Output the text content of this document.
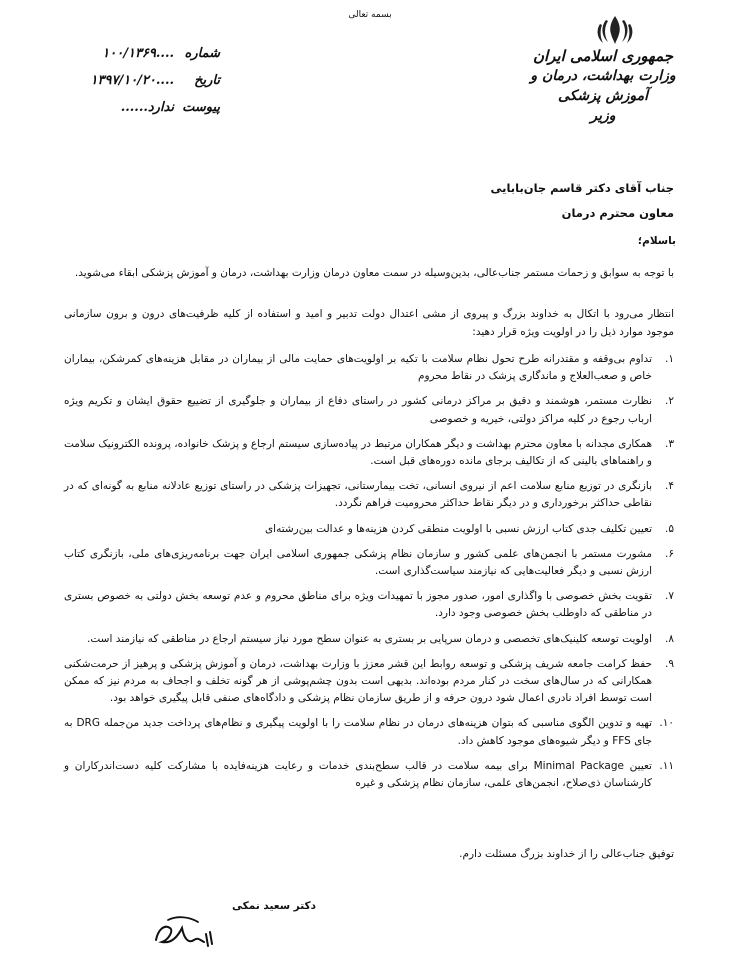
بسمه تعالی
جمهوری اسلامی ایران
وزارت بهداشت، درمان و آموزش پزشکی
وزیر
شماره
۱۰۰/۱۳۶۹....
تاریخ
۱۳۹۷/۱۰/۲۰....
پیوست
ندارد......
جناب آقای دکتر قاسم جان‌بابایی
معاون محترم درمان
باسلام؛
با توجه به سوابق و زحمات مستمر جناب‌عالی، بدین‌وسیله در سمت معاون درمان وزارت بهداشت، درمان و آموزش پزشکی ابقاء می‌شوید.
انتظار می‌رود با اتکال به خداوند بزرگ و پیروی از مشی اعتدال دولت تدبیر و امید و استفاده از کلیه ظرفیت‌های درون و برون سازمانی موجود موارد ذیل را در اولویت ویژه قرار دهید:
۱.
تداوم بی‌وقفه و مقتدرانه طرح تحول نظام سلامت با تکیه بر اولویت‌های حمایت مالی از بیماران در مقابل هزینه‌های کمرشکن، بیماران خاص و صعب‌العلاج و ماندگاری پزشک در نقاط محروم
۲.
نظارت مستمر، هوشمند و دقیق بر مراکز درمانی کشور در راستای دفاع از بیماران و جلوگیری از تضییع حقوق ایشان و تکریم ویژه ارباب رجوع در کلیه مراکز دولتی، خیریه و خصوصی
۳.
همکاری مجدانه با معاون محترم بهداشت و دیگر همکاران مرتبط در پیاده‌سازی سیستم ارجاع و پزشک خانواده، پرونده الکترونیک سلامت و راهنماهای بالینی که از تکالیف برجای مانده دوره‌های قبل است.
۴.
بازنگری در توزیع منابع سلامت اعم از نیروی انسانی، تخت بیمارستانی، تجهیزات پزشکی در راستای توزیع عادلانه منابع به گونه‌ای که در نقاطی حداکثر برخورداری و در دیگر نقاط حداکثر محرومیت فراهم نگردد.
۵.
تعیین تکلیف جدی کتاب ارزش نسبی با اولویت منطقی کردن هزینه‌ها و عدالت بین‌رشته‌ای
۶.
مشورت مستمر با انجمن‌های علمی کشور و سازمان نظام پزشکی جمهوری اسلامی ایران جهت برنامه‌ریزی‌های ملی، بازنگری کتاب ارزش نسبی و دیگر فعالیت‌هایی که نیازمند سیاست‌گذاری است.
۷.
تقویت بخش خصوصی با واگذاری امور، صدور مجوز با تمهیدات ویژه برای مناطق محروم و عدم توسعه بخش دولتی به خصوص بستری در مناطقی که داوطلب بخش خصوصی وجود دارد.
۸.
اولویت توسعه کلینیک‌های تخصصی و درمان سرپایی بر بستری به عنوان سطح مورد نیاز سیستم ارجاع در مناطقی که نیازمند است.
۹.
حفظ کرامت جامعه شریف پزشکی و توسعه روابط این قشر معزز با وزارت بهداشت، درمان و آموزش پزشکی و پرهیز از حرمت‌شکنی همکارانی که در سال‌های سخت در کنار مردم بوده‌اند. بدیهی است بدون چشم‌پوشی از هر گونه تخلف و اجحاف به مردم نیز که ممکن است توسط افراد نادری اعمال شود درون حرفه و از طریق سازمان نظام پزشکی و دادگاه‌های صنفی قابل پیگیری خواهد بود.
۱۰.
تهیه و تدوین الگوی مناسبی که بتوان هزینه‌های درمان در نظام سلامت را با اولویت پیگیری و نظام‌های پرداخت جدید من‌جمله DRG به جای FFS و دیگر شیوه‌های موجود کاهش داد.
۱۱.
تعیین Minimal Package برای بیمه سلامت در قالب سطح‌بندی خدمات و رعایت هزینه‌فایده با مشارکت کلیه دست‌اندرکاران و کارشناسان ذی‌صلاح، انجمن‌های علمی، سازمان نظام پزشکی و غیره
توفیق جناب‌عالی را از خداوند بزرگ مسئلت دارم.
دکتر سعید نمکی
